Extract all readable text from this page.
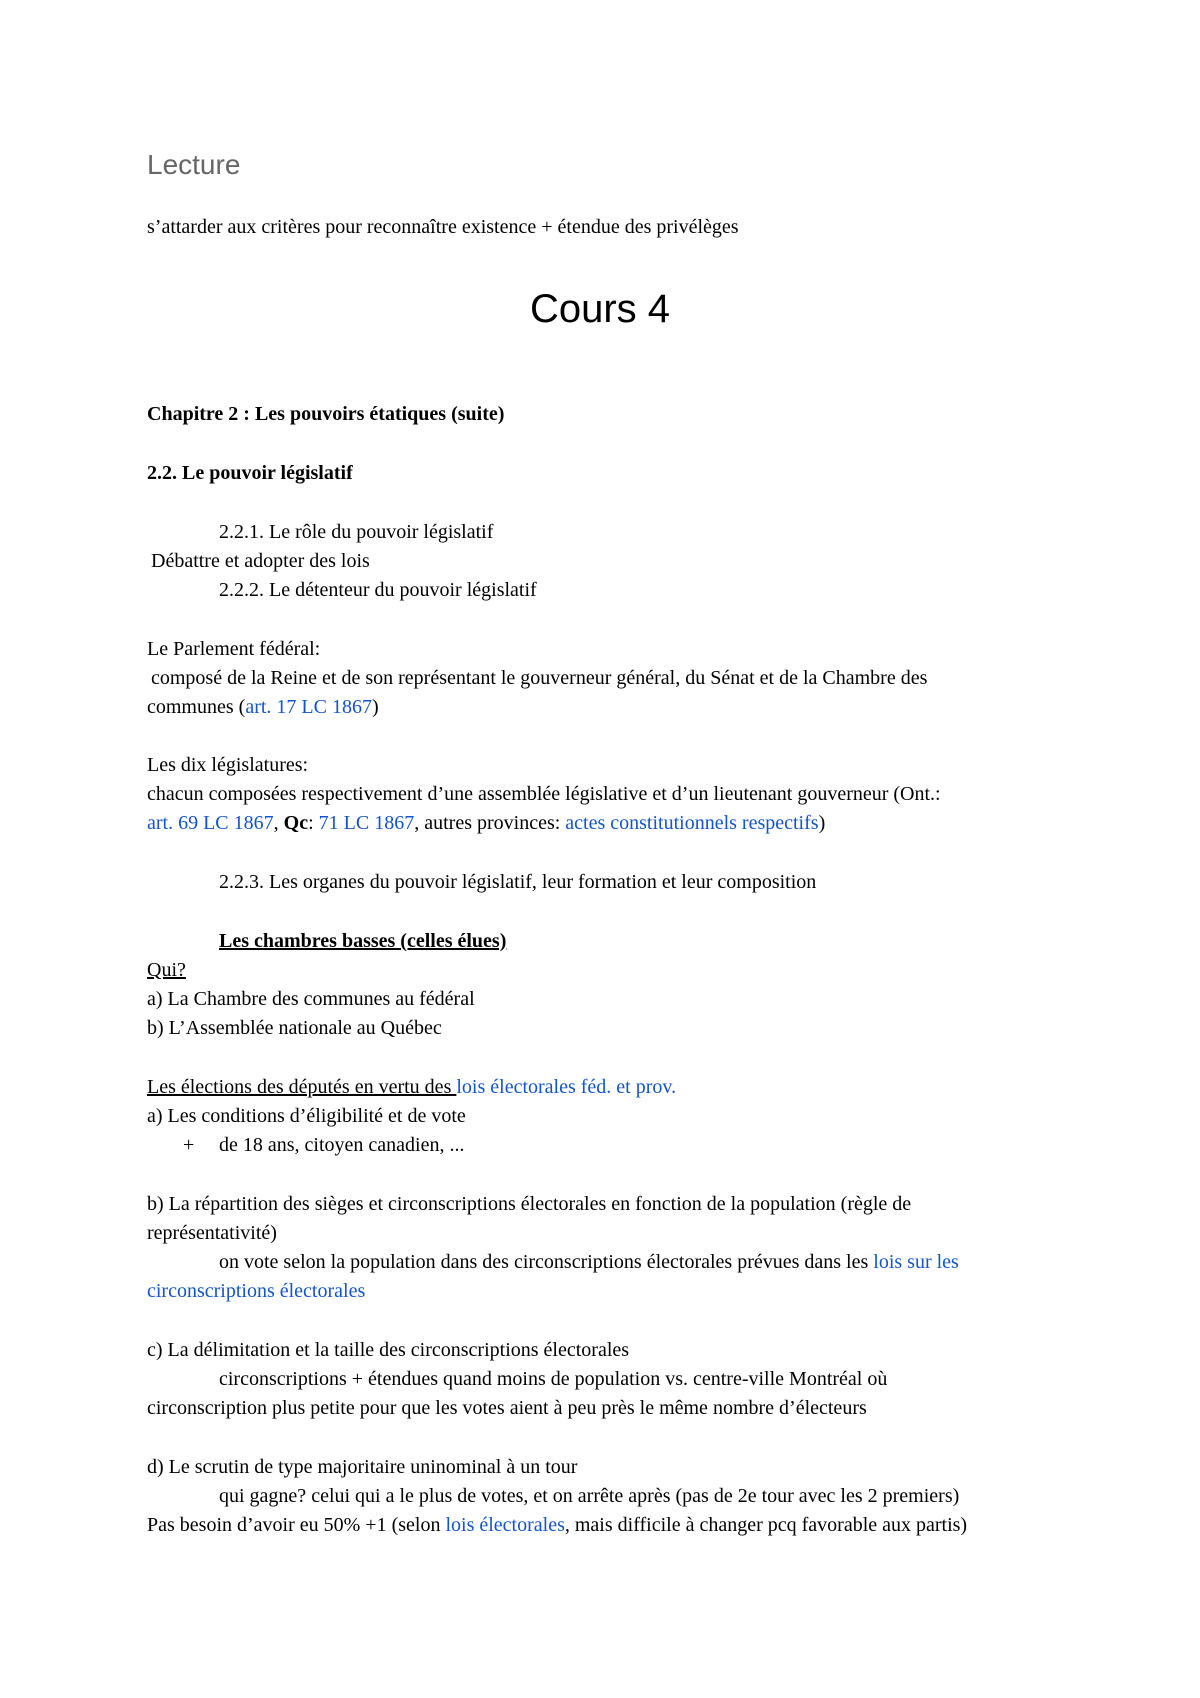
Lecture
s’attarder aux critères pour reconnaître existence + étendue des privélèges
Cours 4
Chapitre 2 : Les pouvoirs étatiques (suite)
2.2. Le pouvoir législatif
2.2.1. Le rôle du pouvoir législatif
Débattre et adopter des lois
2.2.2. Le détenteur du pouvoir législatif
Le Parlement fédéral:
composé de la Reine et de son représentant le gouverneur général, du Sénat et de la Chambre des
communes (art. 17 LC 1867)
Les dix législatures:
chacun composées respectivement d’une assemblée législative et d’un lieutenant gouverneur (Ont.:
art. 69 LC 1867, Qc: 71 LC 1867, autres provinces: actes constitutionnels respectifs)
2.2.3. Les organes du pouvoir législatif, leur formation et leur composition
Les chambres basses (celles élues)
Qui?
a) La Chambre des communes au fédéral
b) L’Assemblée nationale au Québec
Les élections des députés en vertu des lois électorales féd. et prov.
a) Les conditions d’éligibilité et de vote
+ de 18 ans, citoyen canadien, ...
b) La répartition des sièges et circonscriptions électorales en fonction de la population (règle de
représentativité)
on vote selon la population dans des circonscriptions électorales prévues dans les lois sur les
circonscriptions électorales
c) La délimitation et la taille des circonscriptions électorales
circonscriptions + étendues quand moins de population vs. centre-ville Montréal où
circonscription plus petite pour que les votes aient à peu près le même nombre d’électeurs
d) Le scrutin de type majoritaire uninominal à un tour
qui gagne? celui qui a le plus de votes, et on arrête après (pas de 2e tour avec les 2 premiers)
Pas besoin d’avoir eu 50% +1 (selon lois électorales, mais difficile à changer pcq favorable aux partis)
